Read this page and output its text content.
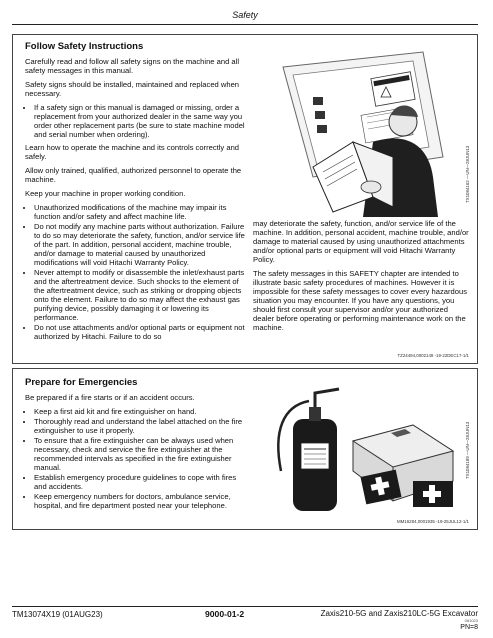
Safety
Follow Safety Instructions

Carefully read and follow all safety signs on the machine and all safety messages in this manual.

Safety signs should be installed, maintained and replaced when necessary.

• If a safety sign or this manual is damaged or missing, order a replacement from your authorized dealer in the same way you order other replacement parts (be sure to state machine model and serial number when ordering).

Learn how to operate the machine and its controls correctly and safely.

Allow only trained, qualified, authorized personnel to operate the machine.

Keep your machine in proper working condition.

• Unauthorized modifications of the machine may impair its function and/or safety and affect machine life.
• Do not modify any machine parts without authorization. Failure to do so may deteriorate the safety, function, and/or service life of the part. In addition, personal accident, machine trouble, and/or damage to material caused by unauthorized modifications will void Hitachi Warranty Policy.
• Never attempt to modify or disassemble the inlet/exhaust parts and the aftertreatment device. Such shocks to the element of the aftertreatment device, such as striking or dropping objects onto the element. Failure to do so may affect the exhaust gas purifying device, possibly damaging it or lowering its performance.
• Do not use attachments and/or optional parts or equipment not authorized by Hitachi. Failure to do so
TX1084162 —UN—28JUN13

may deteriorate the safety, function, and/or service life of the machine. In addition, personal accident, machine trouble, and/or damage to material caused by using unauthorized attachments and/or optional parts or equipment will void Hitachi Warranty Policy.

The safety messages in this SAFETY chapter are intended to illustrate basic safety procedures of machines. However it is impossible for these safety messages to cover every hazardous situation you may encounter. If you have any questions, you should first consult your supervisor and/or your authorized dealer before operating or performing maintenance work on the machine.

TZ24494,0002149 -19-22DEC17-1/1
Prepare for Emergencies

Be prepared if a fire starts or if an accident occurs.

• Keep a first aid kit and fire extinguisher on hand.
• Thoroughly read and understand the label attached on the fire extinguisher to use it properly.
• To ensure that a fire extinguisher can be always used when necessary, check and service the fire extinguisher at the recommended intervals as specified in the fire extinguisher manual.
• Establish emergency procedure guidelines to cope with fires and accidents.
• Keep emergency numbers for doctors, ambulance service, hospital, and fire department posted near your telephone.
TX1084189 —UN—28JUN13
MM16284,0001935 -19-25JUL12-1/1
TM13074X19 (01AUG23)	9000-01-2	Zaxis210-5G and Zaxis210LC-5G Excavator
081023
PN=8
